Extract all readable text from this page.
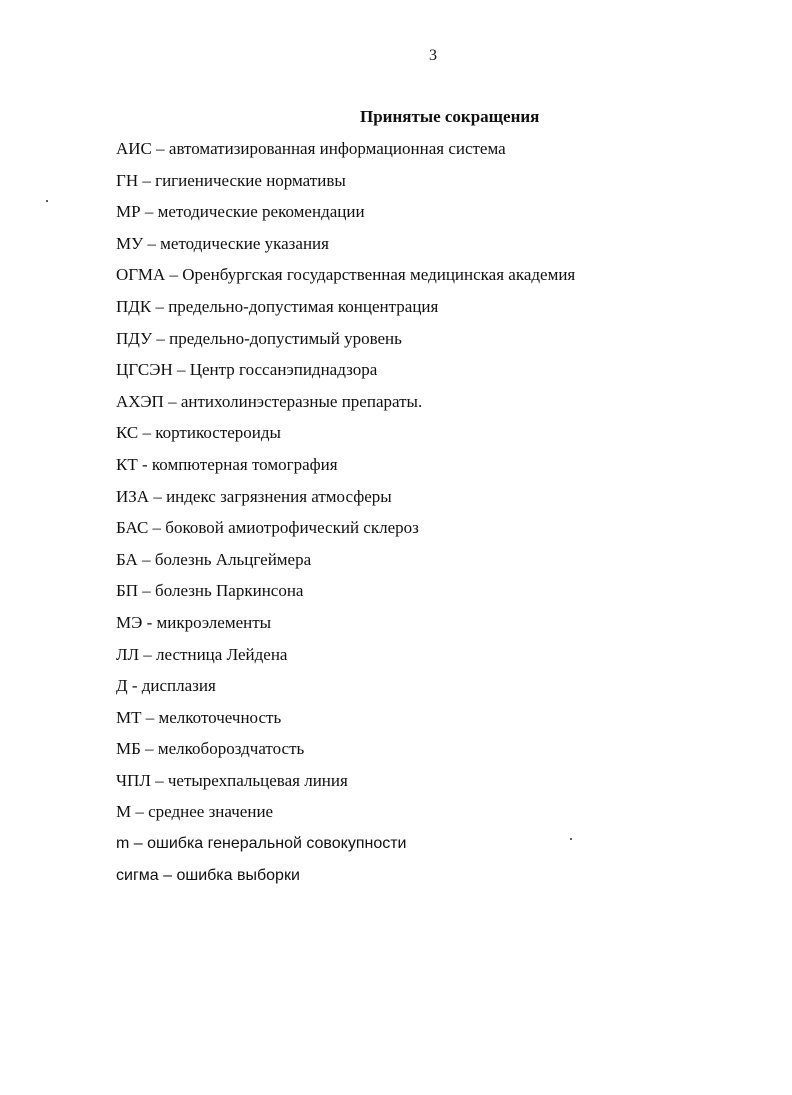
3
Принятые сокращения
АИС – автоматизированная информационная система
ГН – гигиенические нормативы
МР – методические рекомендации
МУ – методические указания
ОГМА – Оренбургская государственная медицинская академия
ПДК – предельно-допустимая концентрация
ПДУ – предельно-допустимый уровень
ЦГСЭН – Центр госсанэпиднадзора
АХЭП – антихолинэстеразные препараты.
КС – кортикостероиды
КТ - компютерная томография
ИЗА – индекс загрязнения атмосферы
БАС – боковой амиотрофический склероз
БА – болезнь Альцгеймера
БП – болезнь Паркинсона
МЭ - микроэлементы
ЛЛ – лестница Лейдена
Д - дисплазия
МТ – мелкоточечность
МБ – мелкобороздчатость
ЧПЛ – четырехпальцевая линия
М – среднее значение
m – ошибка генеральной совокупности
сигма – ошибка выборки
